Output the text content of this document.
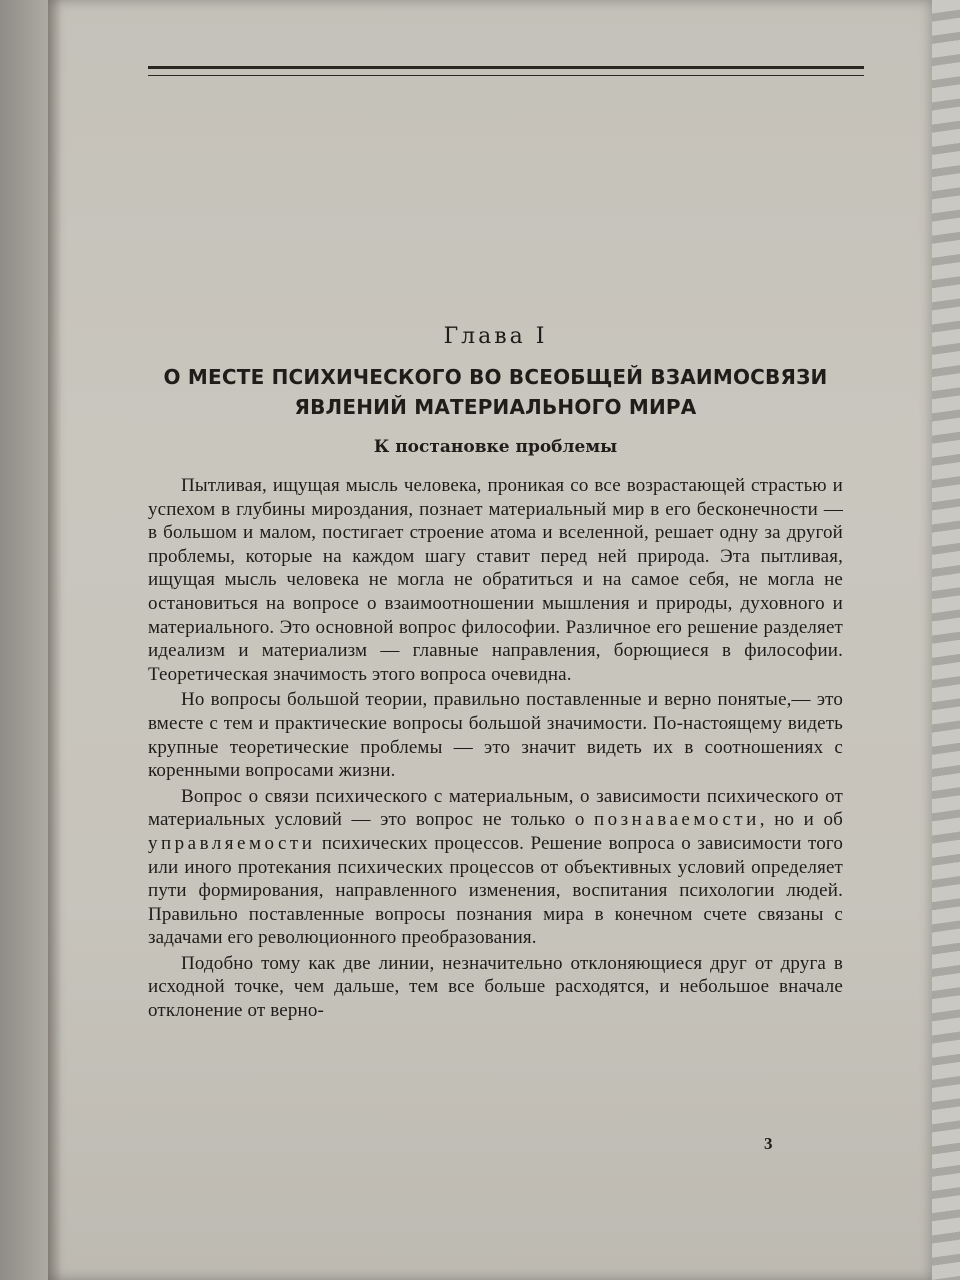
Глава I
О МЕСТЕ ПСИХИЧЕСКОГО ВО ВСЕОБЩЕЙ ВЗАИМОСВЯЗИ ЯВЛЕНИЙ МАТЕРИАЛЬНОГО МИРА
К постановке проблемы

Пытливая, ищущая мысль человека, проникая со все возрастающей страстью и успехом в глубины мироздания, познает материальный мир в его бесконечности — в большом и малом, постигает строение атома и вселенной, решает одну за другой проблемы, которые на каждом шагу ставит перед ней природа. Эта пытливая, ищущая мысль человека не могла не обратиться и на самое себя, не могла не остановиться на вопросе о взаимоотношении мышления и природы, духовного и материального. Это основной вопрос философии. Различное его решение разделяет идеализм и материализм — главные направления, борющиеся в философии. Теоретическая значимость этого вопроса очевидна.

Но вопросы большой теории, правильно поставленные и верно понятые,— это вместе с тем и практические вопросы большой значимости. По-настоящему видеть крупные теоретические проблемы — это значит видеть их в соотношениях с коренными вопросами жизни.

Вопрос о связи психического с материальным, о зависимости психического от материальных условий — это вопрос не только о познаваемости, но и об управляемости психических процессов. Решение вопроса о зависимости того или иного протекания психических процессов от объективных условий определяет пути формирования, направленного изменения, воспитания психологии людей. Правильно поставленные вопросы познания мира в конечном счете связаны с задачами его революционного преобразования.

Подобно тому как две линии, незначительно отклоняющиеся друг от друга в исходной точке, чем дальше, тем все больше расходятся, и небольшое вначале отклонение от верно-

3
